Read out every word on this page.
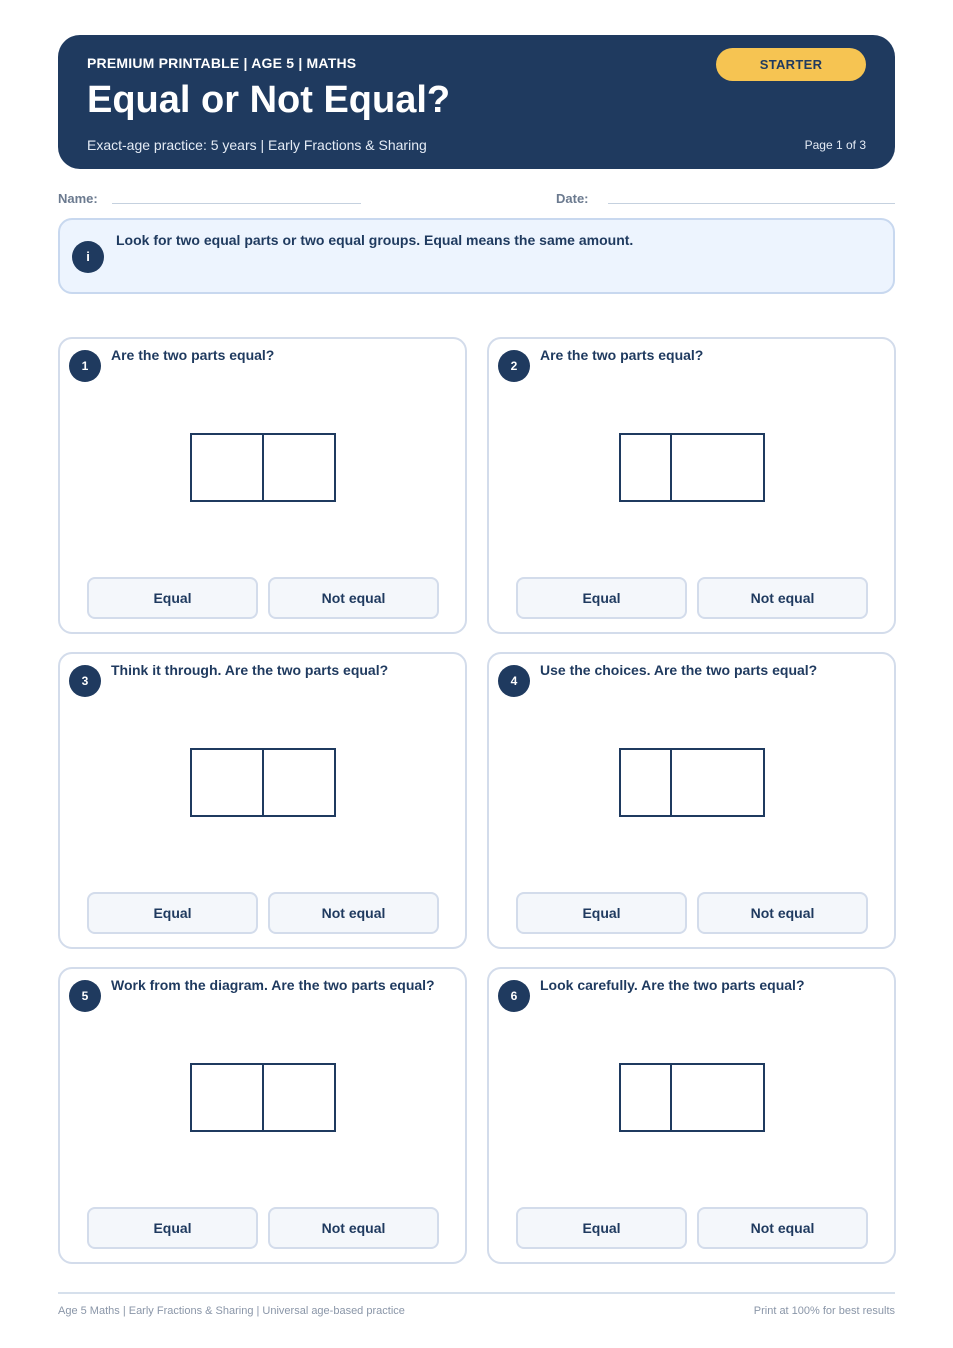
PREMIUM PRINTABLE | AGE 5 | MATHS
Equal or Not Equal?
Exact-age practice: 5 years | Early Fractions & Sharing	Page 1 of 3
STARTER
Name:	Date:
i
Look for two equal parts or two equal groups. Equal means the same amount.
1
Are the two parts equal?
Equal	Not equal
2
Are the two parts equal?
Equal	Not equal
3
Think it through. Are the two parts equal?
Equal	Not equal
4
Use the choices. Are the two parts equal?
Equal	Not equal
5
Work from the diagram. Are the two parts equal?
Equal	Not equal
6
Look carefully. Are the two parts equal?
Equal	Not equal
Age 5 Maths | Early Fractions & Sharing | Universal age-based practice	Print at 100% for best results
